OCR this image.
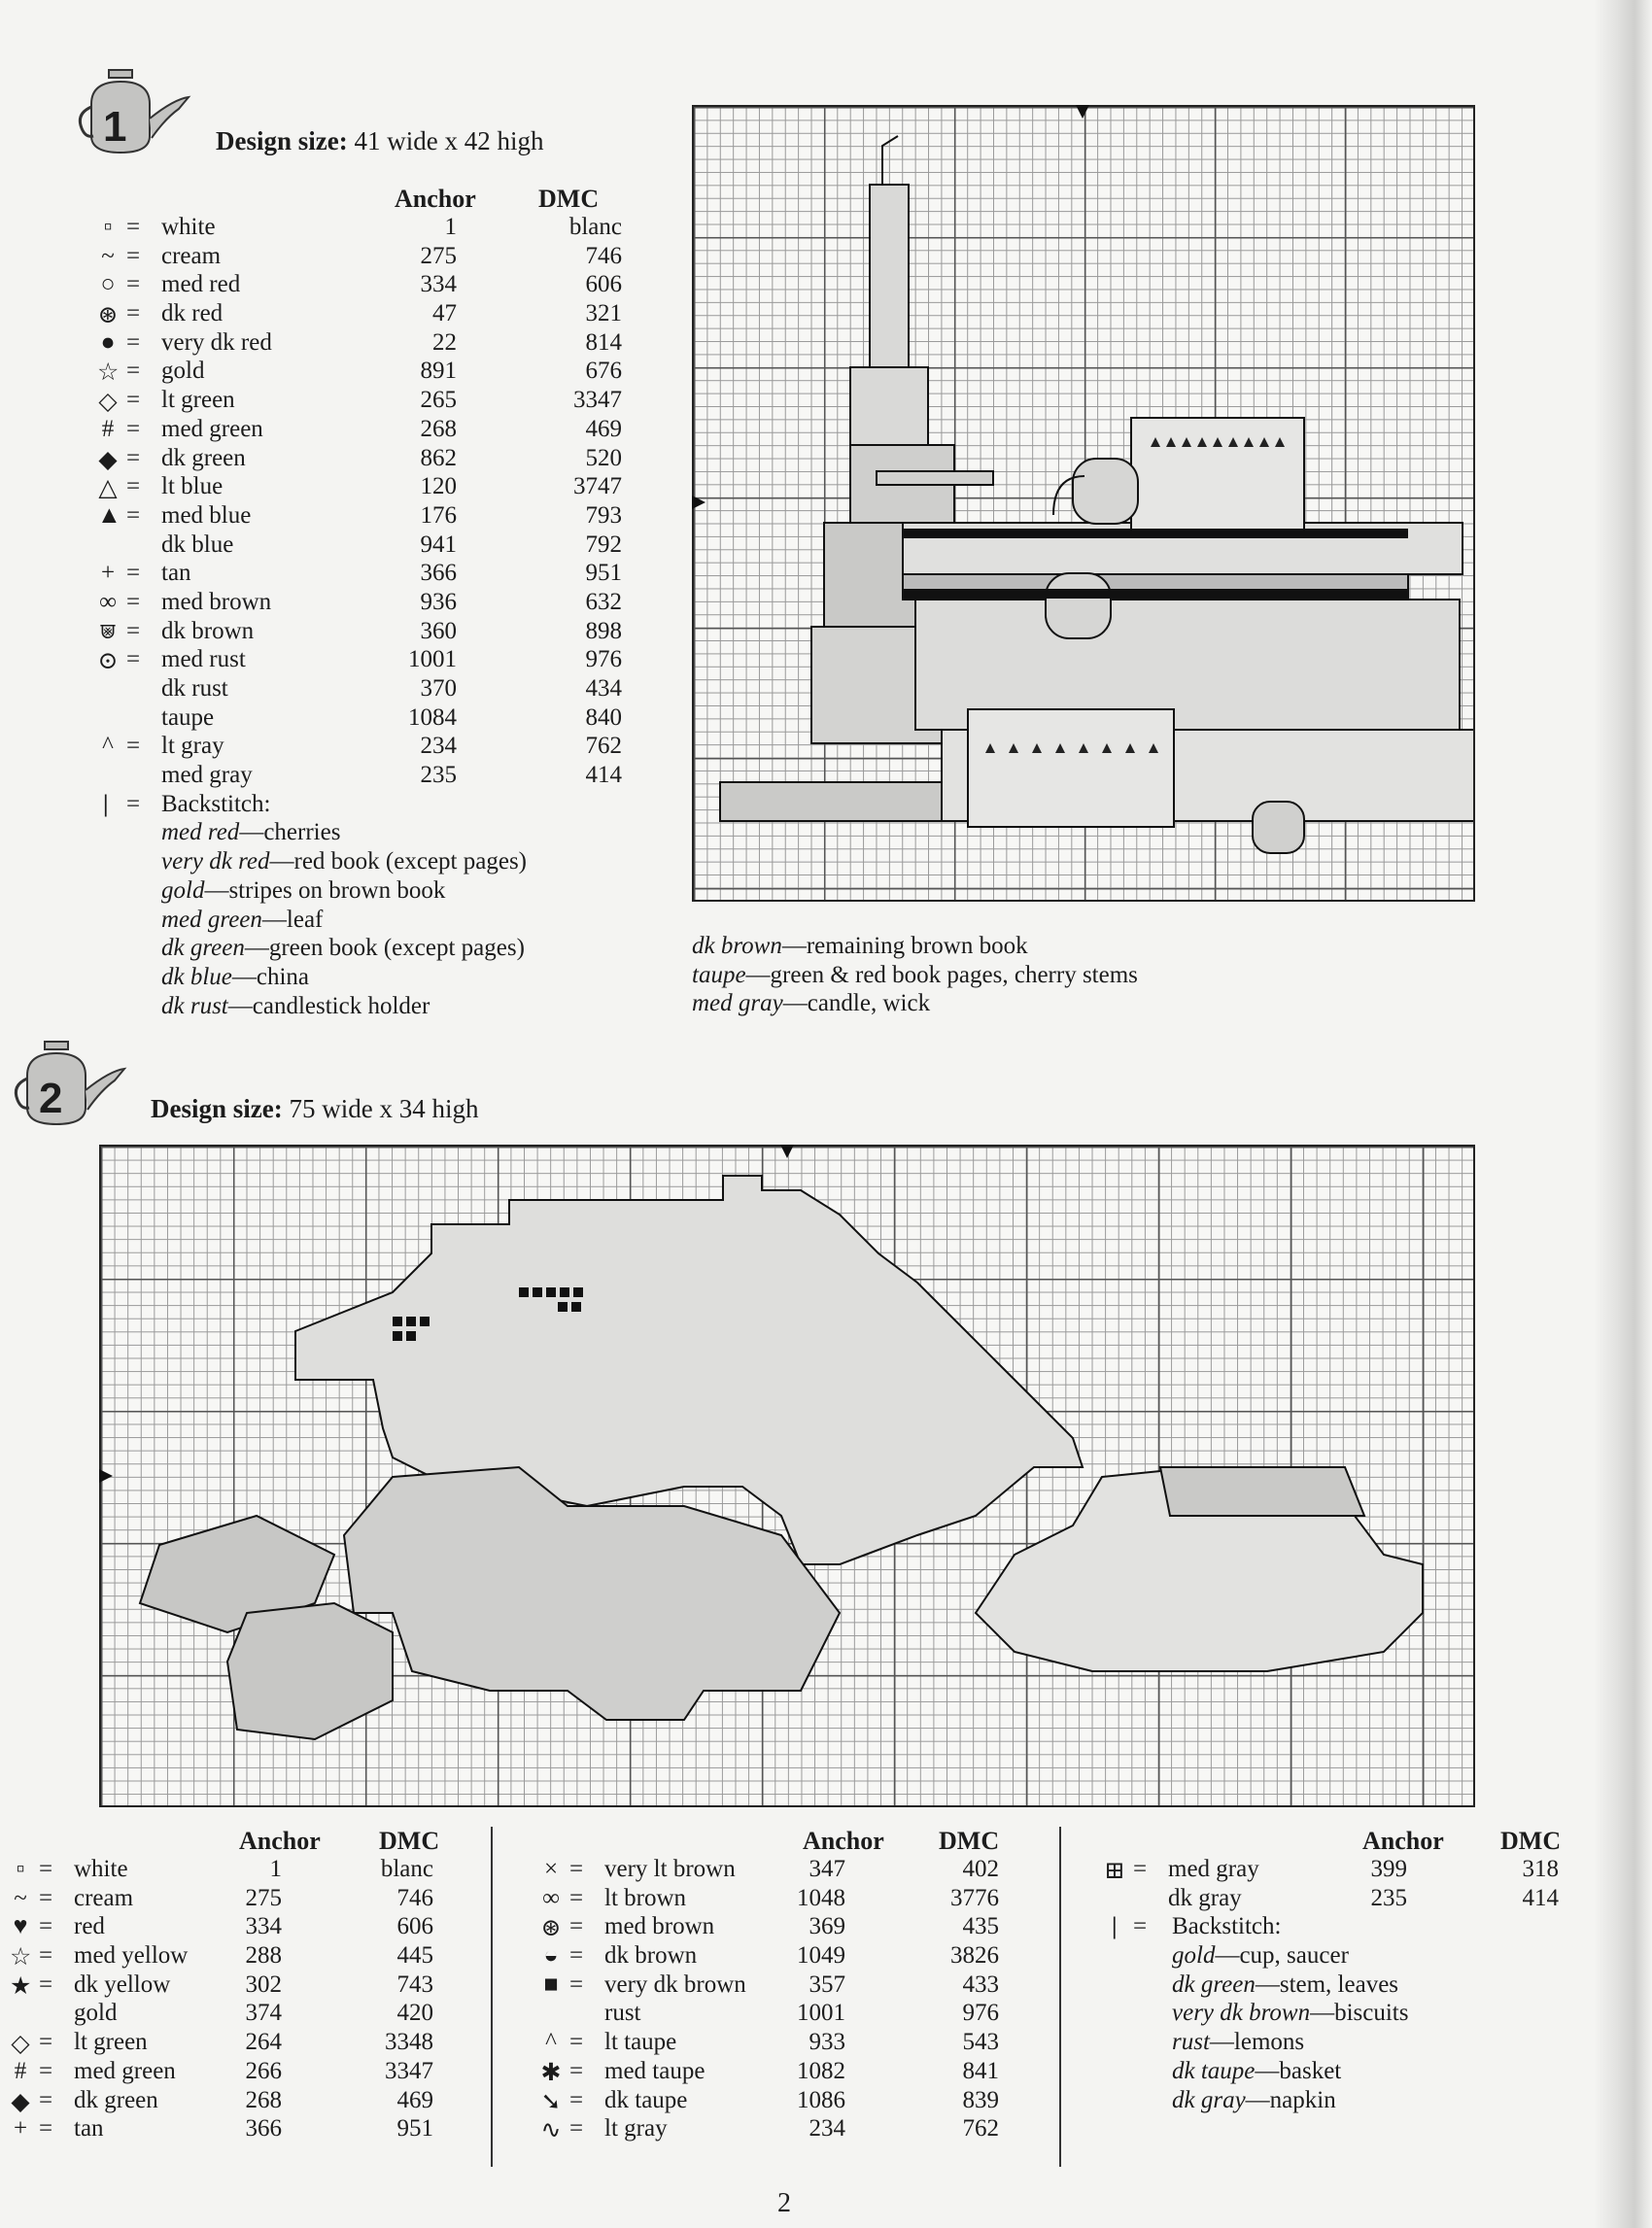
1	Design size: 41 wide x 42 high
Anchor DMC
▫ = white	1	blanc
~ = cream	275	746
○ = med red	334	606
⊛ = dk red	47	321
● = very dk red	22	814
☆ = gold	891	676
◇ = lt green	265	3347
# = med green	268	469
◆ = dk green	862	520
△ = lt blue	120	3747
▲ = med blue	176	793
dk blue	941	792
+ = tan	366	951
∞ = med brown	936	632
⩐ = dk brown	360	898
⊙ = med rust	1001	976
dk rust	370	434
taupe	1084	840
^ = lt gray	234	762
med gray	235	414
| = Backstitch:
med red—cherries
very dk red—red book (except pages)
gold—stripes on brown book
med green—leaf
dk green—green book (except pages)
dk blue—china
dk rust—candlestick holder
dk brown—remaining brown book
taupe—green & red book pages, cherry stems
med gray—candle, wick
2	Design size: 75 wide x 34 high
Anchor DMC
▫ = white	1	blanc
~ = cream	275	746
♥ = red	334	606
☆ = med yellow	288	445
★ = dk yellow	302	743
gold	374	420
◇ = lt green	264	3348
# = med green	266	3347
◆ = dk green	268	469
+ = tan	366	951
Anchor DMC
× = very lt brown	347	402
∞ = lt brown	1048	3776
⊛ = med brown	369	435
◒ = dk brown	1049	3826
■ = very dk brown	357	433
rust	1001	976
^ = lt taupe	933	543
✱ = med taupe	1082	841
➘ = dk taupe	1086	839
∿ = lt gray	234	762
Anchor DMC
⊞ = med gray	399	318
dk gray	235	414
| = Backstitch:
gold—cup, saucer
dk green—stem, leaves
very dk brown—biscuits
rust—lemons
dk taupe—basket
dk gray—napkin
2
